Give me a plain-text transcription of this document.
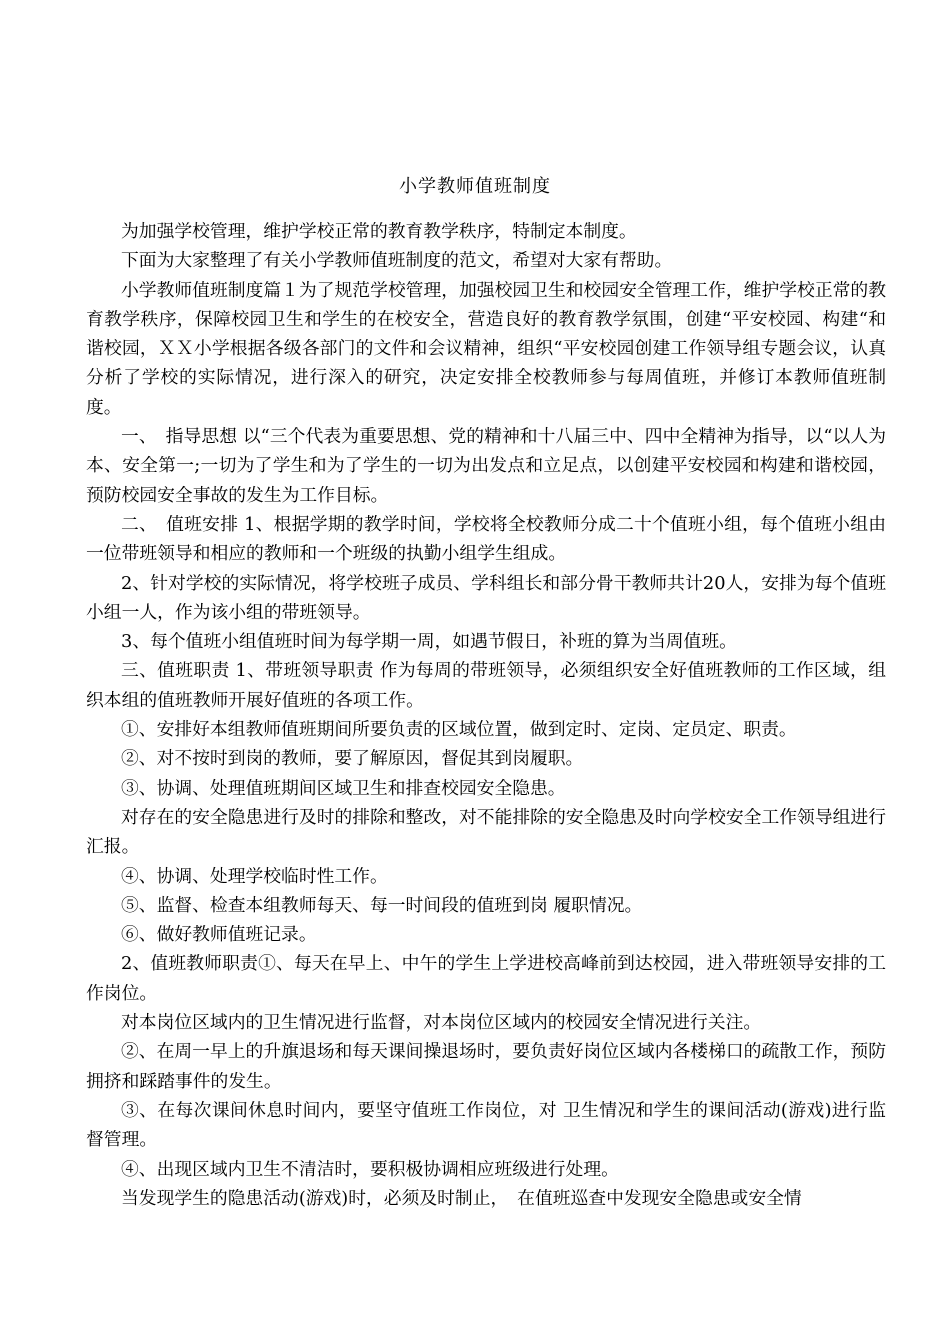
小学教师值班制度

为加强学校管理，维护学校正常的教育教学秩序，特制定本制度。

下面为大家整理了有关小学教师值班制度的范文，希望对大家有帮助。

小学教师值班制度篇１为了规范学校管理，加强校园卫生和校园安全管理工作，维护学校正常的教育教学秩序，保障校园卫生和学生的在校安全，营造良好的教育教学氛围，创建“平安校园、构建“和谐校园，ＸＸ小学根据各级各部门的文件和会议精神，组织“平安校园创建工作领导组专题会议，认真分析了学校的实际情况，进行深入的研究，决定安排全校教师参与每周值班，并修订本教师值班制度。

一、　指导思想 以“三个代表为重要思想、党的精神和十八届三中、四中全精神为指导，以“以人为本、安全第一;一切为了学生和为了学生的一切为出发点和立足点，以创建平安校园和构建和谐校园，预防校园安全事故的发生为工作目标。

二、　值班安排 1、根据学期的教学时间，学校将全校教师分成二十个值班小组，每个值班小组由一位带班领导和相应的教师和一个班级的执勤小组学生组成。

2、针对学校的实际情况，将学校班子成员、学科组长和部分骨干教师共计20人，安排为每个值班小组一人，作为该小组的带班领导。

3、每个值班小组值班时间为每学期一周，如遇节假日，补班的算为当周值班。

三、值班职责 1、带班领导职责 作为每周的带班领导，必须组织安全好值班教师的工作区域，组织本组的值班教师开展好值班的各项工作。

①、安排好本组教师值班期间所要负责的区域位置，做到定时、定岗、定员定、职责。

②、对不按时到岗的教师，要了解原因，督促其到岗履职。

③、协调、处理值班期间区域卫生和排查校园安全隐患。

对存在的安全隐患进行及时的排除和整改，对不能排除的安全隐患及时向学校安全工作领导组进行汇报。

④、协调、处理学校临时性工作。

⑤、监督、检查本组教师每天、每一时间段的值班到岗 履职情况。

⑥、做好教师值班记录。

2、值班教师职责①、每天在早上、中午的学生上学进校高峰前到达校园，进入带班领导安排的工作岗位。

对本岗位区域内的卫生情况进行监督，对本岗位区域内的校园安全情况进行关注。

②、在周一早上的升旗退场和每天课间操退场时，要负责好岗位区域内各楼梯口的疏散工作，预防拥挤和踩踏事件的发生。

③、在每次课间休息时间内，要坚守值班工作岗位，对 卫生情况和学生的课间活动(游戏)进行监督管理。

④、出现区域内卫生不清洁时，要积极协调相应班级进行处理。

当发现学生的隐患活动(游戏)时，必须及时制止，　在值班巡查中发现安全隐患或安全情
